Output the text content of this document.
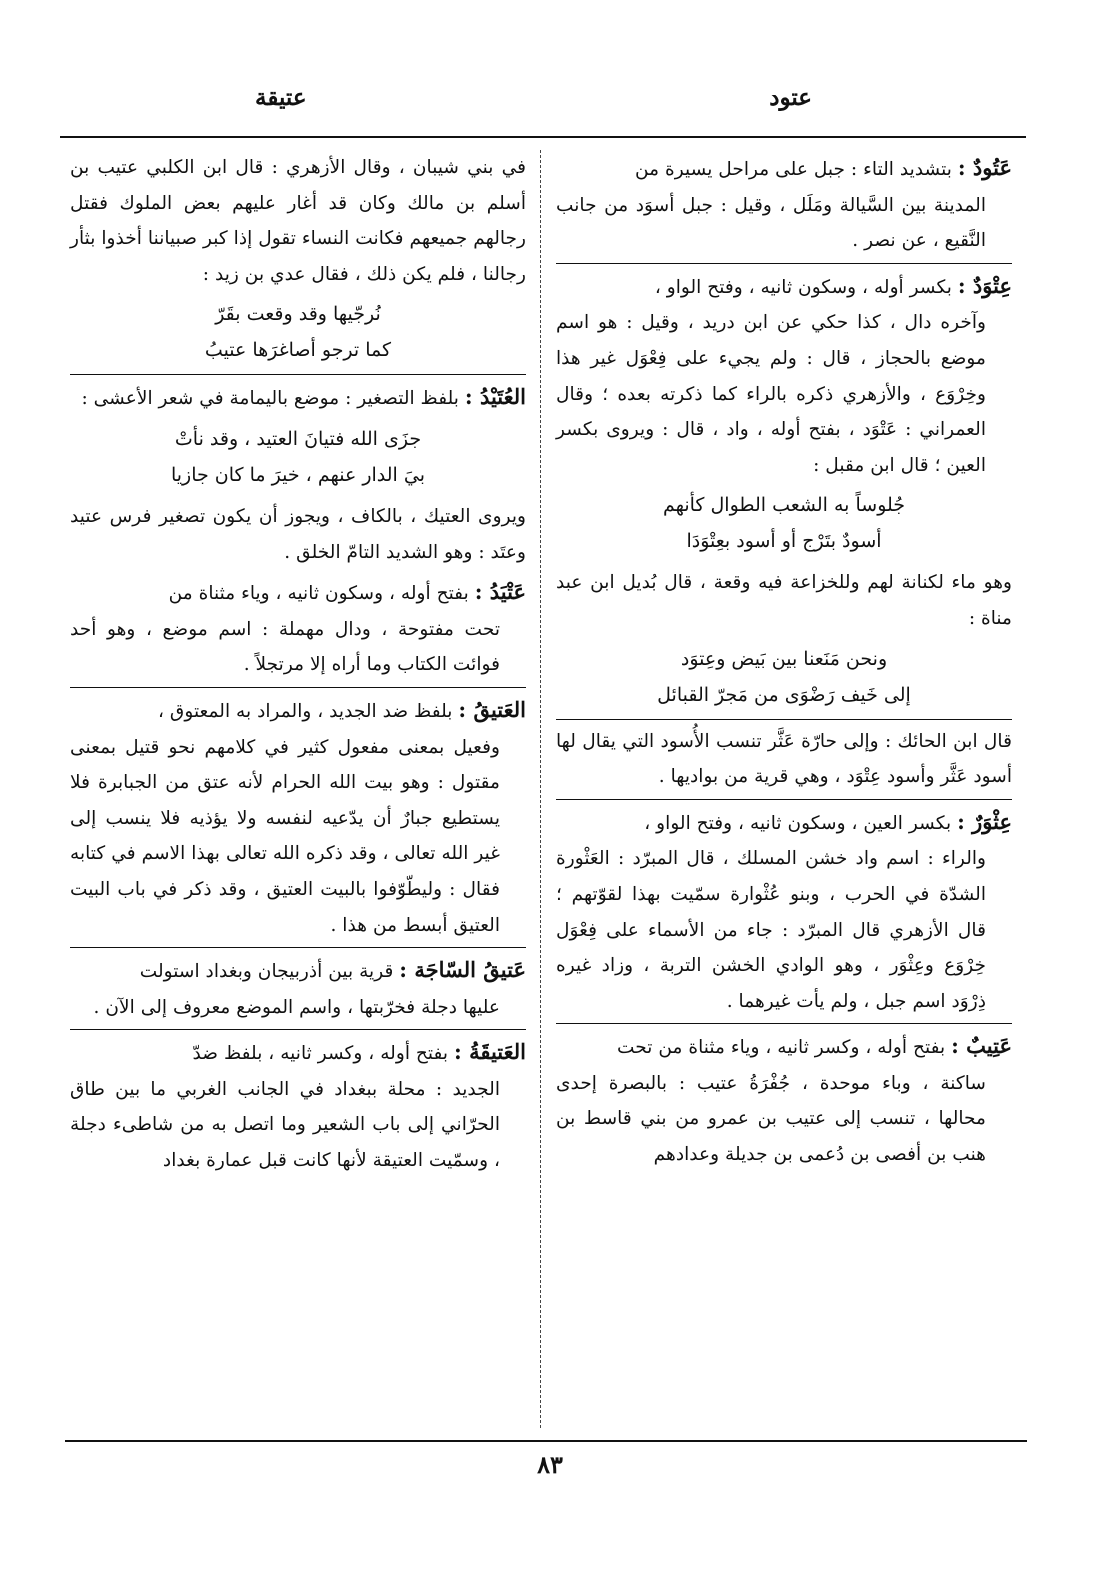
عتود
عتيقة
عَتُودٌ : بتشديد التاء : جبل على مراحل يسيرة من
المدينة بين السَّيالة ومَلَل ، وقيل : جبل أسوَد من جانب النَّقيع ، عن نصر .
عِتْوَدٌ : بكسر أوله ، وسكون ثانيه ، وفتح الواو ،
وآخره دال ، كذا حكي عن ابن دريد ، وقيل : هو اسم موضع بالحجاز ، قال : ولم يجيء على فِعْوَل غير هذا وخِرْوَع ، والأزهري ذكره بالراء كما ذكرته بعده ؛ وقال العمراني : عَتْوَد ، بفتح أوله ، واد ، قال : ويروى بكسر العين ؛ قال ابن مقبل :
جُلوساً به الشعب الطوال كأنهم
أسودٌ بتَرْج أو أسود بعِتْوَدَا
وهو ماء لكنانة لهم وللخزاعة فيه وقعة ، قال بُديل ابن عبد مناة :
ونحن مَنَعنا بين بَيض وعِتوَد
إلى خَيف رَضْوَى من مَجرّ القبائل
قال ابن الحائك : وإلى حارّة عَثَّر تنسب الأُسود التي يقال لها أسود عَثَّر وأسود عِتْوَد ، وهي قرية من بواديها .
عِثْوَرٌ : بكسر العين ، وسكون ثانيه ، وفتح الواو ،
والراء : اسم واد خشن المسلك ، قال المبرّد : العَثْورة الشدّة في الحرب ، وبنو عُثْوارة سمّيت بهذا لقوّتهم ؛ قال الأزهري قال المبرّد : جاء من الأسماء على فِعْوَل خِرْوَع وعِثْوَر ، وهو الوادي الخشن التربة ، وزاد غيره ذِرْوَد اسم جبل ، ولم يأت غيرهما .
عَتِيبٌ : بفتح أوله ، وكسر ثانيه ، وياء مثناة من تحت
ساكنة ، وباء موحدة ، جُفْرَةُ عتيب : بالبصرة إحدى محالها ، تنسب إلى عتيب بن عمرو من بني قاسط بن هنب بن أفصى بن دُعمى بن جديلة وعدادهم
في بني شيبان ، وقال الأزهري : قال ابن الكلبي عتيب بن أسلم بن مالك وكان قد أغار عليهم بعض الملوك فقتل رجالهم جميعهم فكانت النساء تقول إذا كبر صبياننا أخذوا بثأر رجالنا ، فلم يكن ذلك ، فقال عدي بن زيد :
نُرجّيها وقد وقعت بقَرّ
كما ترجو أصاغرَها عتيبُ
العُتَيْدُ : بلفظ التصغير : موضع باليمامة في شعر الأعشى :
جزَى الله فتيانَ العتيد ، وقد نأتْ
بيَ الدار عنهم ، خيرَ ما كان جازيا
ويروى العتيك ، بالكاف ، ويجوز أن يكون تصغير فرس عتيد وعتَد : وهو الشديد التامّ الخلق .
عَتْيَدُ : بفتح أوله ، وسكون ثانيه ، وياء مثناة من
تحت مفتوحة ، ودال مهملة : اسم موضع ، وهو أحد فوائت الكتاب وما أراه إلا مرتجلاً .
العَتيقُ : بلفظ ضد الجديد ، والمراد به المعتوق ،
وفعيل بمعنى مفعول كثير في كلامهم نحو قتيل بمعنى مقتول : وهو بيت الله الحرام لأنه عتق من الجبابرة فلا يستطيع جبارٌ أن يدّعيه لنفسه ولا يؤذيه فلا ينسب إلى غير الله تعالى ، وقد ذكره الله تعالى بهذا الاسم في كتابه فقال : وليطّوّفوا بالبيت العتيق ، وقد ذكر في باب البيت العتيق أبسط من هذا .
عَتيقُ السّاجَة : قرية بين أذربيجان وبغداد استولت
عليها دجلة فخرّبتها ، واسم الموضع معروف إلى الآن .
العَتيقَةُ : بفتح أوله ، وكسر ثانيه ، بلفظ ضدّ
الجديد : محلة ببغداد في الجانب الغربي ما بين طاق الحرّاني إلى باب الشعير وما اتصل به من شاطىء دجلة ، وسمّيت العتيقة لأنها كانت قبل عمارة بغداد
٨٣
